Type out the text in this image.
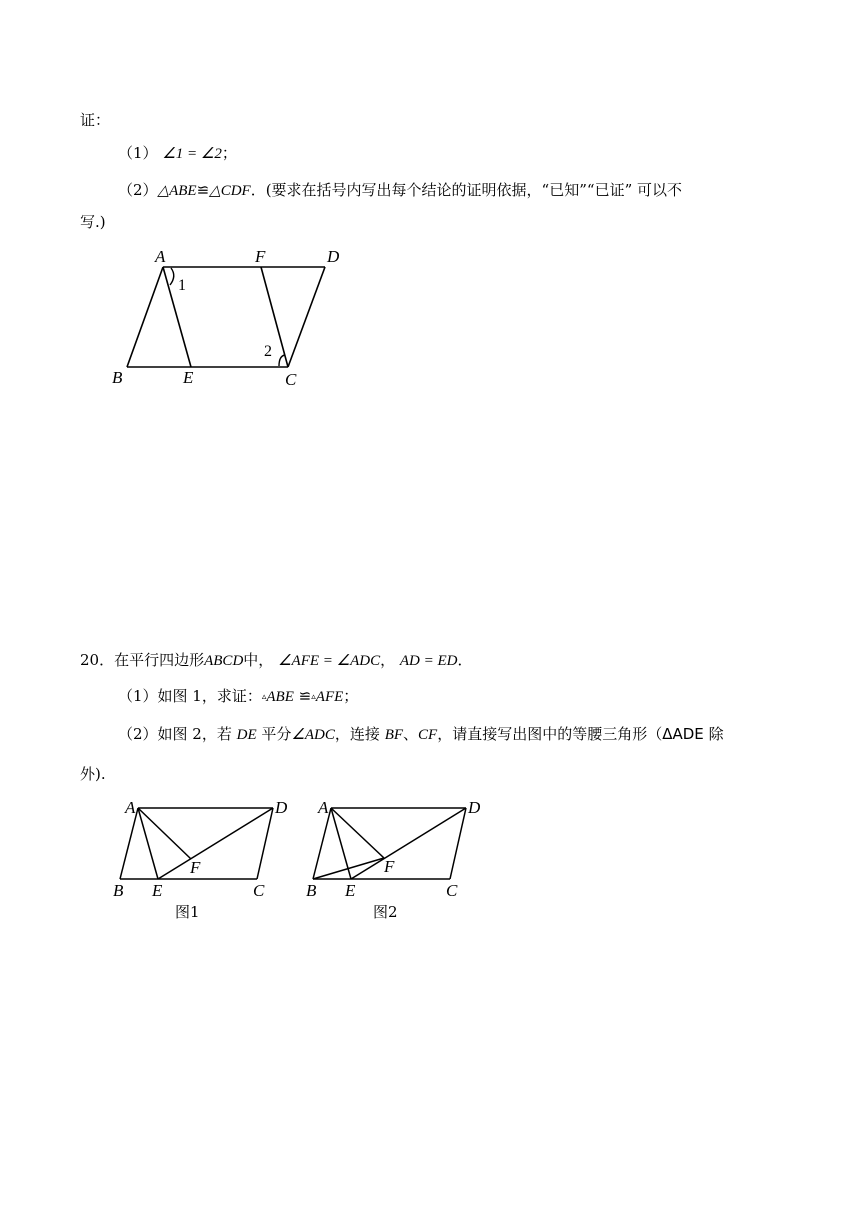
证：
（1） ∠1 = ∠2；
（2）△ABE≌△CDF．(要求在括号内写出每个结论的证明依据，“已知”“已证” 可以不
写.)
A	F	D
B	E	C
1
2
20．在平行四边形ABCD中， ∠AFE = ∠ADC， AD = ED．
（1）如图 1，求证：▵ABE ≌▵AFE；
（2）如图 2，若 DE 平分∠ADC，连接 BF、CF，请直接写出图中的等腰三角形（ΔADE 除
外).
A	D
F
B E	C
图1
A	D
F
B E	C
图2
